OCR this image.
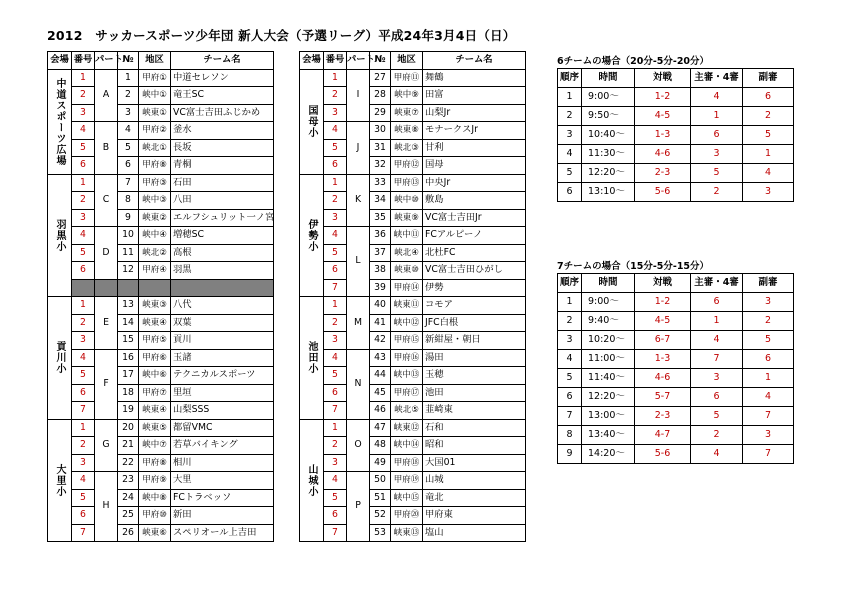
2012　サッカースポーツ少年団 新人大会（予選リーグ）平成24年3月4日（日）
会場	番号	パート	№	地区	チーム名
中道スポーツ広場	1	A	1	甲府①	中道セレソン
	2		2	峡中①	竜王SC
	3		3	峡東①	VC富士吉田ふじかめ
	4	B	4	甲府②	釜水
	5		5	峡北①	長坂
	6		6	甲府⑧	青桐
羽黒小	1	C	7	甲府③	石田
	2		8	峡中③	八田
	3		9	峡東②	エルフシュリット一ノ宮
	4	D	10	峡中④	増穂SC
	5		11	峡北②	高根
	6		12	甲府④	羽黒

貢川小	1	E	13	峡東③	八代
	2		14	峡東④	双葉
	3		15	甲府⑤	貢川
	4	F	16	甲府⑥	玉諸
	5		17	峡中⑥	テクニカルスポーツ
	6		18	甲府⑦	里垣
	7		19	峡東④	山梨SSS
大里小	1	G	20	峡東⑤	都留VMC
	2		21	峡中⑦	若草バイキング
	3		22	甲府⑧	相川
	4	H	23	甲府⑨	大里
	5		24	峡中⑧	FCトラベッソ
	6		25	甲府⑩	新田
	7		26	峡東⑥	スペリオール上吉田
会場	番号	パート	№	地区	チーム名
国母小	1	I	27	甲府⑪	舞鶴
	2		28	峡中⑨	田富
	3		29	峡東⑦	山梨Jr
	4	J	30	峡東⑧	モナークスJr
	5		31	峡北③	甘利
	6		32	甲府⑫	国母
伊勢小	1	K	33	甲府⑬	中央Jr
	2		34	峡中⑩	敷島
	3		35	峡東⑨	VC富士吉田Jr
	4	L	36	峡中⑪	FCアルピーノ
	5		37	峡北④	北杜FC
	6		38	峡東⑩	VC富士吉田ひがし
	7		39	甲府⑭	伊勢
池田小	1	M	40	峡東⑪	コモア
	2		41	峡中⑫	JFC白根
	3		42	甲府⑮	新紺屋・朝日
	4	N	43	甲府⑯	湯田
	5		44	峡中⑬	玉穂
	6		45	甲府⑰	池田
	7		46	峡北⑤	韮崎東
山城小	1	O	47	峡東⑫	石和
	2		48	峡中⑭	昭和
	3		49	甲府⑱	大国01
	4	P	50	甲府⑲	山城
	5		51	峡中⑮	竜北
	6		52	甲府⑳	甲府東
	7		53	峡東⑬	塩山
6チームの場合（20分-5分-20分）
順序	時間	対戦	主審・4審	副審
1	9:00～	1-2	4	6
2	9:50～	4-5	1	2
3	10:40～	1-3	6	5
4	11:30～	4-6	3	1
5	12:20～	2-3	5	4
6	13:10～	5-6	2	3
7チームの場合（15分-5分-15分）
順序	時間	対戦	主審・4審	副審
1	9:00～	1-2	6	3
2	9:40～	4-5	1	2
3	10:20～	6-7	4	5
4	11:00～	1-3	7	6
5	11:40～	4-6	3	1
6	12:20～	5-7	6	4
7	13:00～	2-3	5	7
8	13:40～	4-7	2	3
9	14:20～	5-6	4	7
